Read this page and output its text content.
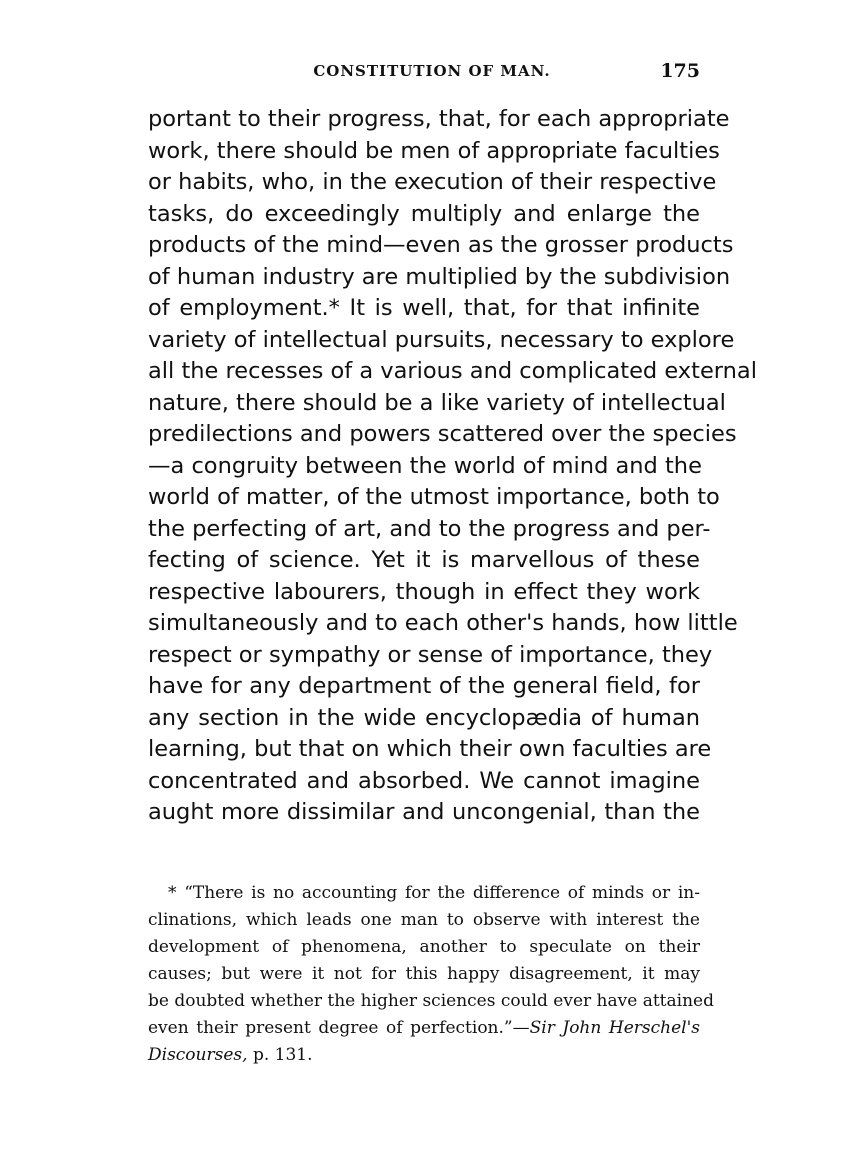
CONSTITUTION OF MAN.	175
portant to their progress, that, for each appropriate
work, there should be men of appropriate faculties
or habits, who, in the execution of their respective
tasks, do exceedingly multiply and enlarge the
products of the mind—even as the grosser products
of human industry are multiplied by the subdivision
of employment.* It is well, that, for that infinite
variety of intellectual pursuits, necessary to explore
all the recesses of a various and complicated external
nature, there should be a like variety of intellectual
predilections and powers scattered over the species
—a congruity between the world of mind and the
world of matter, of the utmost importance, both to
the perfecting of art, and to the progress and per-
fecting of science. Yet it is marvellous of these
respective labourers, though in effect they work
simultaneously and to each other's hands, how little
respect or sympathy or sense of importance, they
have for any department of the general field, for
any section in the wide encyclopædia of human
learning, but that on which their own faculties are
concentrated and absorbed. We cannot imagine
aught more dissimilar and uncongenial, than the
* “There is no accounting for the difference of minds or in-
clinations, which leads one man to observe with interest the
development of phenomena, another to speculate on their
causes; but were it not for this happy disagreement, it may
be doubted whether the higher sciences could ever have attained
even their present degree of perfection.”—Sir John Herschel's
Discourses, p. 131.
